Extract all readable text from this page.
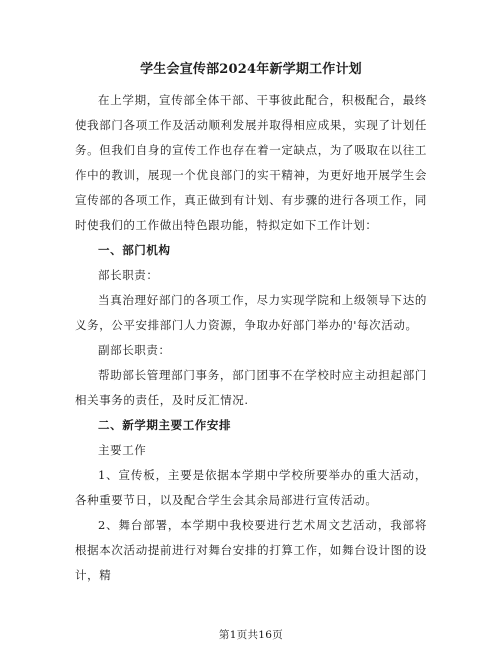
学生会宣传部2024年新学期工作计划

在上学期，宣传部全体干部、干事彼此配合，积极配合，最终使我部门各项工作及活动顺利发展并取得相应成果，实现了计划任务。但我们自身的宣传工作也存在着一定缺点，为了吸取在以往工作中的教训，展现一个优良部门的实干精神，为更好地开展学生会宣传部的各项工作，真正做到有计划、有步骤的进行各项工作，同时使我们的工作做出特色跟功能，特拟定如下工作计划：

一、部门机构

部长职责：

当真治理好部门的各项工作，尽力实现学院和上级领导下达的义务，公平安排部门人力资源，争取办好部门举办的'每次活动。

副部长职责：

帮助部长管理部门事务，部门团事不在学校时应主动担起部门相关事务的责任，及时反汇情况.

二、新学期主要工作安排

主要工作

1、宣传板，主要是依据本学期中学校所要举办的重大活动，各种重要节日，以及配合学生会其余局部进行宣传活动。

2、舞台部署，本学期中我校要进行艺术周文艺活动，我部将根据本次活动提前进行对舞台安排的打算工作，如舞台设计图的设计，精

第1页共16页
